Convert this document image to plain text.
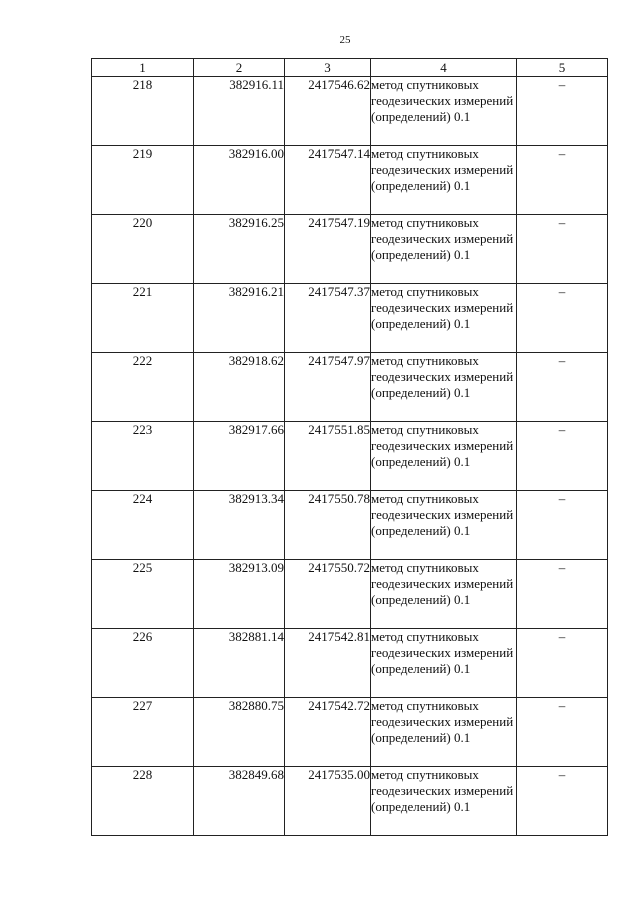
25
1	2	3	4	5
218	382916.11	2417546.62	метод спутниковых геодезических измерений (определений) 0.1	–
219	382916.00	2417547.14	метод спутниковых геодезических измерений (определений) 0.1	–
220	382916.25	2417547.19	метод спутниковых геодезических измерений (определений) 0.1	–
221	382916.21	2417547.37	метод спутниковых геодезических измерений (определений) 0.1	–
222	382918.62	2417547.97	метод спутниковых геодезических измерений (определений) 0.1	–
223	382917.66	2417551.85	метод спутниковых геодезических измерений (определений) 0.1	–
224	382913.34	2417550.78	метод спутниковых геодезических измерений (определений) 0.1	–
225	382913.09	2417550.72	метод спутниковых геодезических измерений (определений) 0.1	–
226	382881.14	2417542.81	метод спутниковых геодезических измерений (определений) 0.1	–
227	382880.75	2417542.72	метод спутниковых геодезических измерений (определений) 0.1	–
228	382849.68	2417535.00	метод спутниковых геодезических измерений (определений) 0.1	–
